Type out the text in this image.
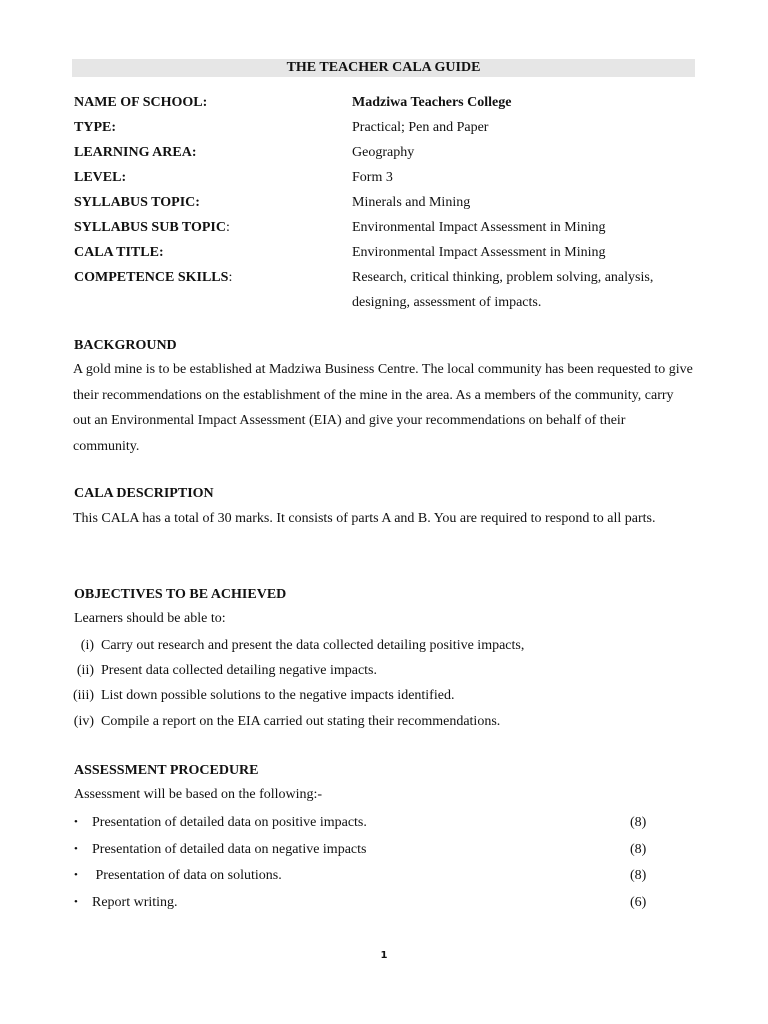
THE TEACHER CALA GUIDE
NAME OF SCHOOL:	Madziwa Teachers College
TYPE:	Practical; Pen and Paper
LEARNING AREA:	Geography
LEVEL:	Form 3
SYLLABUS TOPIC:	Minerals and Mining
SYLLABUS SUB TOPIC:	Environmental Impact Assessment in Mining
CALA TITLE:	Environmental Impact Assessment in Mining
COMPETENCE SKILLS:	Research, critical thinking, problem solving, analysis, designing, assessment of impacts.
BACKGROUND
A gold mine is to be established at Madziwa Business Centre. The local community has been requested to give their recommendations on the establishment of the mine in the area. As a members of the community, carry out an Environmental Impact Assessment (EIA) and give your recommendations on behalf of their community.
CALA DESCRIPTION
This CALA has a total of 30 marks. It consists of parts A and B. You are required to respond to all parts.
OBJECTIVES TO BE ACHIEVED
Learners should be able to:
(i) Carry out research and present the data collected detailing positive impacts,
(ii) Present data collected detailing negative impacts.
(iii) List down possible solutions to the negative impacts identified.
(iv) Compile a report on the EIA carried out stating their recommendations.
ASSESSMENT PROCEDURE
Assessment will be based on the following:-
• Presentation of detailed data on positive impacts.	(8)
• Presentation of detailed data on negative impacts	(8)
• Presentation of data on solutions.	(8)
• Report writing.	(6)
1
